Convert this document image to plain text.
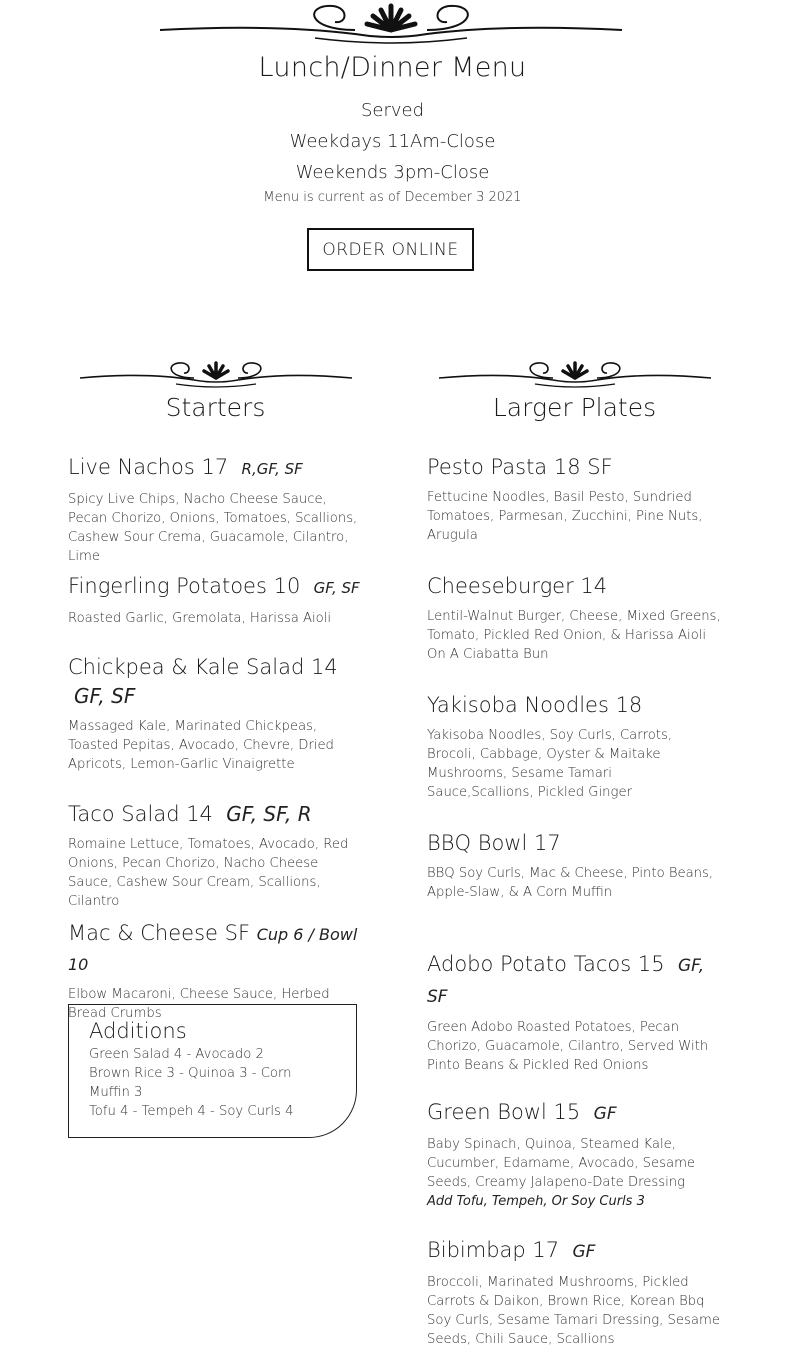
Lunch/Dinner Menu
Served
Weekdays 11Am-Close
Weekends 3pm-Close
Menu is current as of December 3 2021
ORDER ONLINE
Starters
Live Nachos 17 R,GF, SF
Spicy Live Chips, Nacho Cheese Sauce, Pecan Chorizo, Onions, Tomatoes, Scallions, Cashew Sour Crema, Guacamole, Cilantro, Lime
Fingerling Potatoes 10 GF, SF
Roasted Garlic, Gremolata, Harissa Aioli
Chickpea & Kale Salad 14
GF, SF
Massaged Kale, Marinated Chickpeas, Toasted Pepitas, Avocado, Chevre, Dried Apricots, Lemon-Garlic Vinaigrette
Taco Salad 14 GF, SF, R
Romaine Lettuce, Tomatoes, Avocado, Red Onions, Pecan Chorizo, Nacho Cheese Sauce, Cashew Sour Cream, Scallions, Cilantro
Mac & Cheese SF Cup 6 / Bowl 10
Elbow Macaroni, Cheese Sauce, Herbed Bread Crumbs
Additions
Green Salad 4 - Avocado 2
Brown Rice 3 - Quinoa 3 - Corn Muffin 3
Tofu 4 - Tempeh 4 - Soy Curls 4
Larger Plates
Pesto Pasta 18 SF
Fettucine Noodles, Basil Pesto, Sundried Tomatoes, Parmesan, Zucchini, Pine Nuts, Arugula
Cheeseburger 14
Lentil-Walnut Burger, Cheese, Mixed Greens, Tomato, Pickled Red Onion, & Harissa Aioli On A Ciabatta Bun
Yakisoba Noodles 18
Yakisoba Noodles, Soy Curls, Carrots, Brocoli, Cabbage, Oyster & Maitake Mushrooms, Sesame Tamari Sauce,Scallions, Pickled Ginger
BBQ Bowl 17
BBQ Soy Curls, Mac & Cheese, Pinto Beans, Apple-Slaw, & A Corn Muffin
Adobo Potato Tacos 15 GF, SF
Green Adobo Roasted Potatoes, Pecan Chorizo, Guacamole, Cilantro, Served With Pinto Beans & Pickled Red Onions
Green Bowl 15 GF
Baby Spinach, Quinoa, Steamed Kale, Cucumber, Edamame, Avocado, Sesame Seeds, Creamy Jalapeno-Date Dressing
Add Tofu, Tempeh, Or Soy Curls 3
Bibimbap 17 GF
Broccoli, Marinated Mushrooms, Pickled Carrots & Daikon, Brown Rice, Korean Bbq Soy Curls, Sesame Tamari Dressing, Sesame Seeds, Chili Sauce, Scallions
